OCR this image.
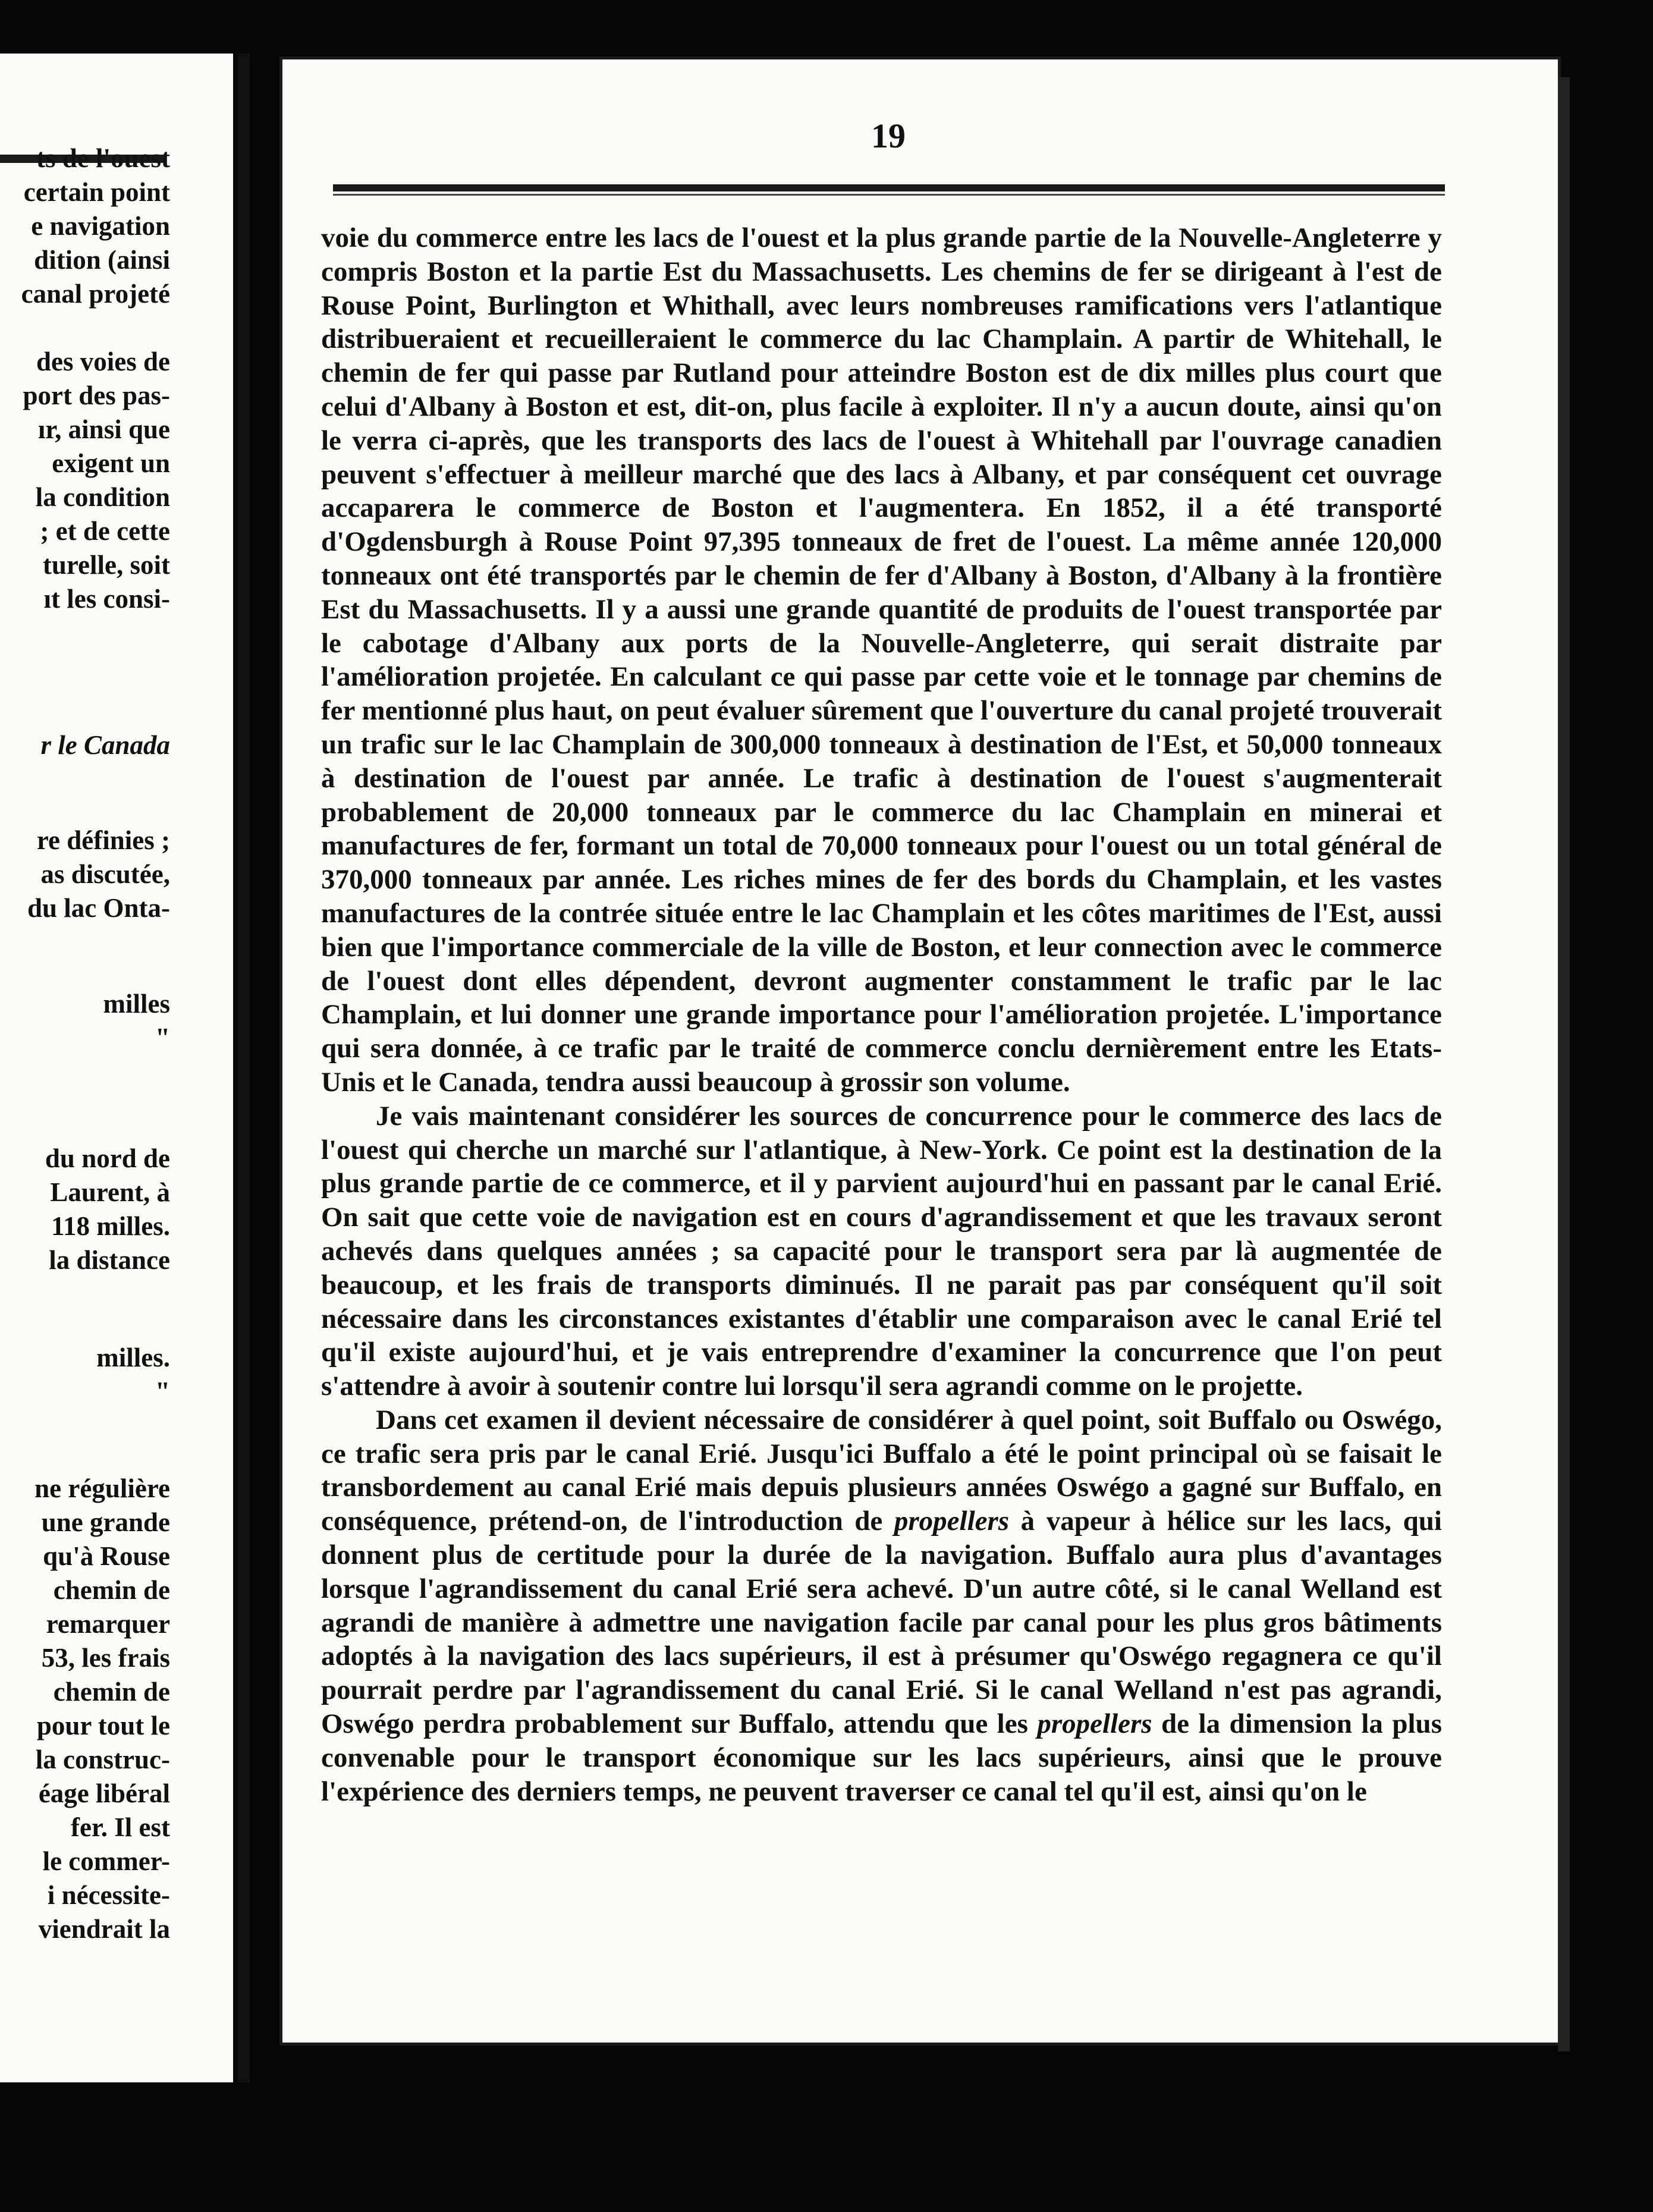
ts de l'ouest
certain point
e navigation
dition (ainsi
canal projeté
des voies de
port des pas-
ır, ainsi que
exigent un
la condition
; et de cette
turelle, soit
ıt les consi-
r le Canada
re définies ;
as discutée,
du lac Onta-
milles
"
du nord de
Laurent, à
118 milles.
la distance
milles.
"
ne régulière
une grande
qu'à Rouse
chemin de
remarquer
53, les frais
chemin de
pour tout le
la construc-
éage libéral
fer. Il est
le commer-
i nécessite-
viendrait la
19

voie du commerce entre les lacs de l'ouest et la plus grande partie de la Nouvelle-Angleterre y compris Boston et la partie Est du Massachusetts. Les chemins de fer se dirigeant à l'est de Rouse Point, Burlington et Whithall, avec leurs nombreuses ramifications vers l'atlantique distribueraient et recueilleraient le commerce du lac Champlain. A partir de Whitehall, le chemin de fer qui passe par Rutland pour atteindre Boston est de dix milles plus court que celui d'Albany à Boston et est, dit-on, plus facile à exploiter. Il n'y a aucun doute, ainsi qu'on le verra ci-après, que les transports des lacs de l'ouest à Whitehall par l'ouvrage canadien peuvent s'effectuer à meilleur marché que des lacs à Albany, et par conséquent cet ouvrage accaparera le commerce de Boston et l'augmentera. En 1852, il a été transporté d'Ogdensburgh à Rouse Point 97,395 tonneaux de fret de l'ouest. La même année 120,000 tonneaux ont été transportés par le chemin de fer d'Albany à Boston, d'Albany à la frontière Est du Massachusetts. Il y a aussi une grande quantité de produits de l'ouest transportée par le cabotage d'Albany aux ports de la Nouvelle-Angleterre, qui serait distraite par l'amélioration projetée. En calculant ce qui passe par cette voie et le tonnage par chemins de fer mentionné plus haut, on peut évaluer sûrement que l'ouverture du canal projeté trouverait un trafic sur le lac Champlain de 300,000 tonneaux à destination de l'Est, et 50,000 tonneaux à destination de l'ouest par année. Le trafic à destination de l'ouest s'augmenterait probablement de 20,000 tonneaux par le commerce du lac Champlain en minerai et manufactures de fer, formant un total de 70,000 tonneaux pour l'ouest ou un total général de 370,000 tonneaux par année. Les riches mines de fer des bords du Champlain, et les vastes manufactures de la contrée située entre le lac Champlain et les côtes maritimes de l'Est, aussi bien que l'importance commerciale de la ville de Boston, et leur connection avec le commerce de l'ouest dont elles dépendent, devront augmenter constamment le trafic par le lac Champlain, et lui donner une grande importance pour l'amélioration projetée. L'importance qui sera donnée, à ce trafic par le traité de commerce conclu dernièrement entre les Etats-Unis et le Canada, tendra aussi beaucoup à grossir son volume.

Je vais maintenant considérer les sources de concurrence pour le commerce des lacs de l'ouest qui cherche un marché sur l'atlantique, à New-York. Ce point est la destination de la plus grande partie de ce commerce, et il y parvient aujourd'hui en passant par le canal Erié. On sait que cette voie de navigation est en cours d'agrandissement et que les travaux seront achevés dans quelques années ; sa capacité pour le transport sera par là augmentée de beaucoup, et les frais de transports diminués. Il ne parait pas par conséquent qu'il soit nécessaire dans les circonstances existantes d'établir une comparaison avec le canal Erié tel qu'il existe aujourd'hui, et je vais entreprendre d'examiner la concurrence que l'on peut s'attendre à avoir à soutenir contre lui lorsqu'il sera agrandi comme on le projette.

Dans cet examen il devient nécessaire de considérer à quel point, soit Buffalo ou Oswégo, ce trafic sera pris par le canal Erié. Jusqu'ici Buffalo a été le point principal où se faisait le transbordement au canal Erié mais depuis plusieurs années Oswégo a gagné sur Buffalo, en conséquence, prétend-on, de l'introduction de propellers à vapeur à hélice sur les lacs, qui donnent plus de certitude pour la durée de la navigation. Buffalo aura plus d'avantages lorsque l'agrandissement du canal Erié sera achevé. D'un autre côté, si le canal Welland est agrandi de manière à admettre une navigation facile par canal pour les plus gros bâtiments adoptés à la navigation des lacs supérieurs, il est à présumer qu'Oswégo regagnera ce qu'il pourrait perdre par l'agrandissement du canal Erié. Si le canal Welland n'est pas agrandi, Oswégo perdra probablement sur Buffalo, attendu que les propellers de la dimension la plus convenable pour le transport économique sur les lacs supérieurs, ainsi que le prouve l'expérience des derniers temps, ne peuvent traverser ce canal tel qu'il est, ainsi qu'on le
